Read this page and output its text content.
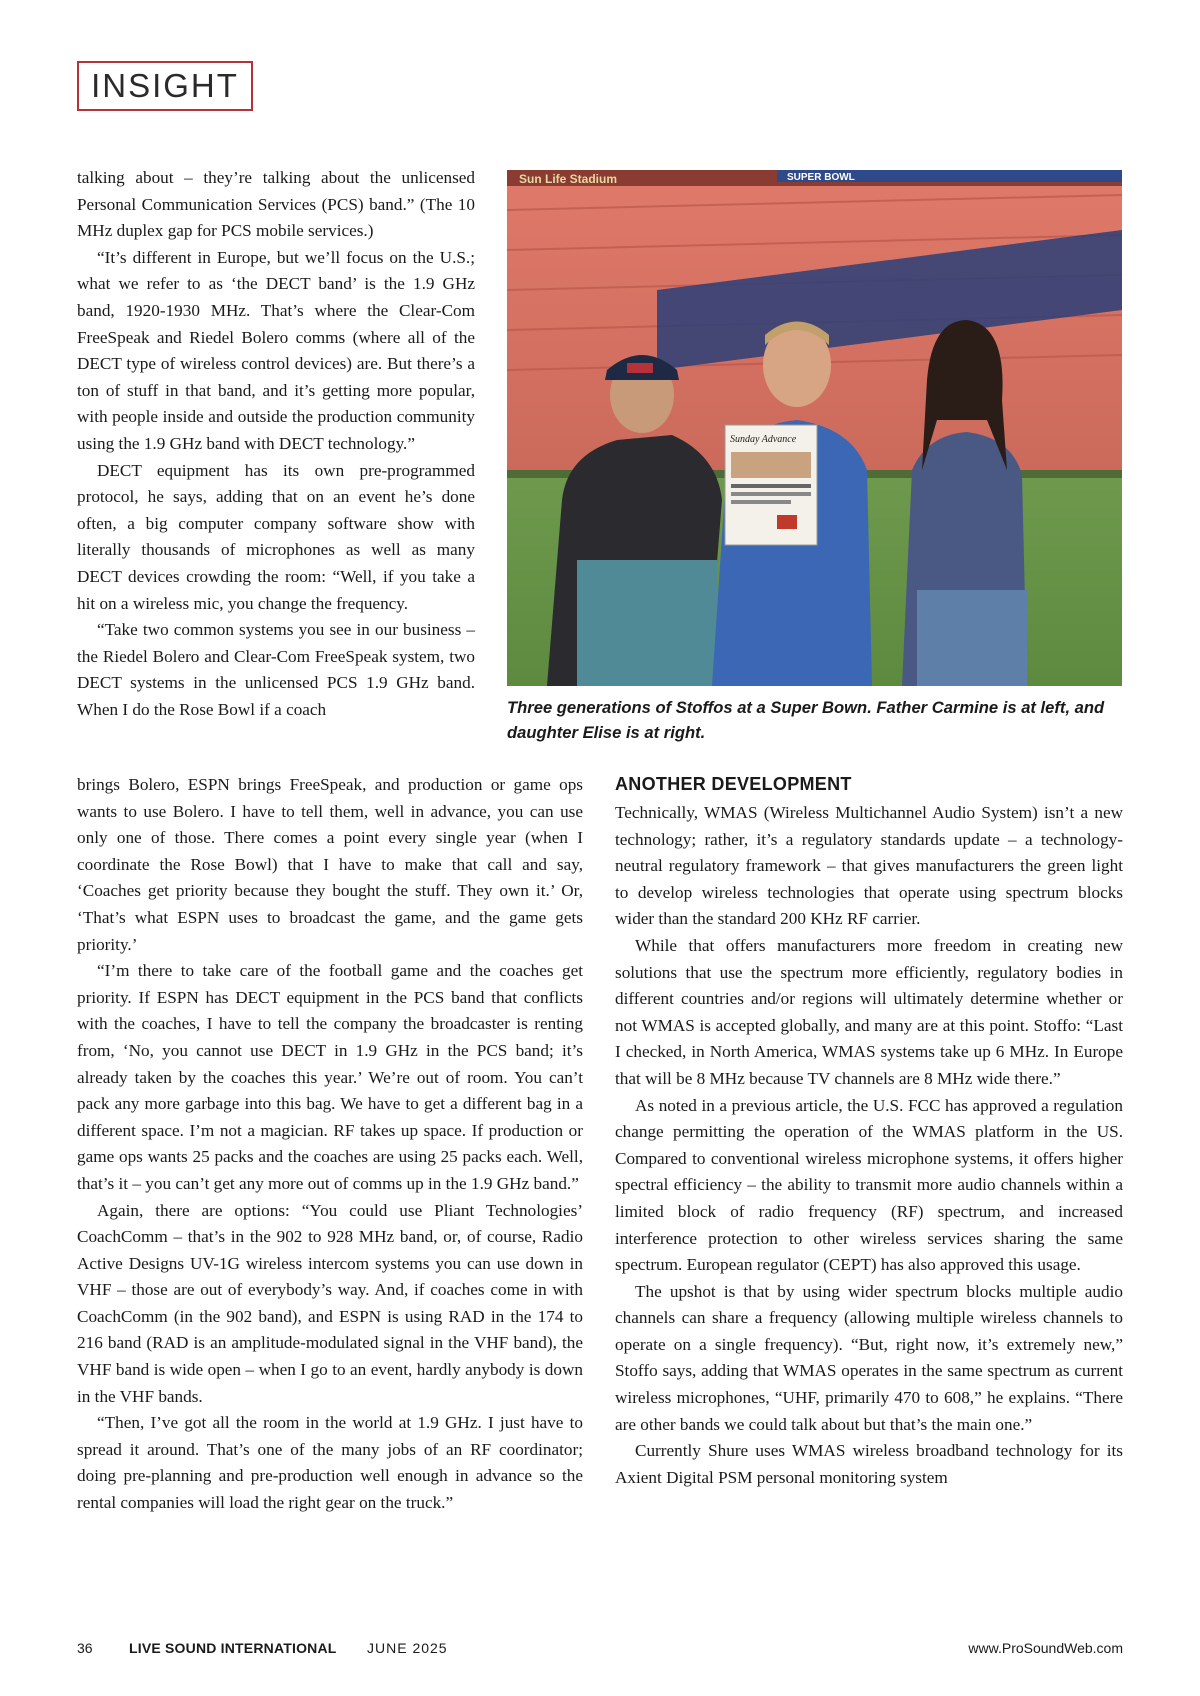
INSIGHT

talking about – they’re talking about the unlicensed Personal Communication Services (PCS) band.” (The 10 MHz duplex gap for PCS mobile services.)

“It’s different in Europe, but we’ll focus on the U.S.; what we refer to as ‘the DECT band’ is the 1.9 GHz band, 1920-1930 MHz. That’s where the Clear-Com FreeSpeak and Riedel Bolero comms (where all of the DECT type of wireless control devices) are. But there’s a ton of stuff in that band, and it’s getting more popular, with people inside and outside the production community using the 1.9 GHz band with DECT technology.”

DECT equipment has its own pre-programmed protocol, he says, adding that on an event he’s done often, a big computer company software show with literally thousands of microphones as well as many DECT devices crowding the room: “Well, if you take a hit on a wireless mic, you change the frequency.

“Take two common systems you see in our business – the Riedel Bolero and Clear-Com FreeSpeak system, two DECT systems in the unlicensed PCS 1.9 GHz band. When I do the Rose Bowl if a coach

brings Bolero, ESPN brings FreeSpeak, and production or game ops wants to use Bolero. I have to tell them, well in advance, you can use only one of those. There comes a point every single year (when I coordinate the Rose Bowl) that I have to make that call and say, ‘Coaches get priority because they bought the stuff. They own it.’ Or, ‘That’s what ESPN uses to broadcast the game, and the game gets priority.’

“I’m there to take care of the football game and the coaches get priority. If ESPN has DECT equipment in the PCS band that conflicts with the coaches, I have to tell the company the broadcaster is renting from, ‘No, you cannot use DECT in 1.9 GHz in the PCS band; it’s already taken by the coaches this year.’ We’re out of room. You can’t pack any more garbage into this bag. We have to get a different bag in a different space. I’m not a magician. RF takes up space. If production or game ops wants 25 packs and the coaches are using 25 packs each. Well, that’s it – you can’t get any more out of comms up in the 1.9 GHz band.”

Again, there are options: “You could use Pliant Technologies’ CoachComm – that’s in the 902 to 928 MHz band, or, of course, Radio Active Designs UV-1G wireless intercom systems you can use down in VHF – those are out of everybody’s way. And, if coaches come in with CoachComm (in the 902 band), and ESPN is using RAD in the 174 to 216 band (RAD is an amplitude-modulated signal in the VHF band), the VHF band is wide open – when I go to an event, hardly anybody is down in the VHF bands.

“Then, I’ve got all the room in the world at 1.9 GHz. I just have to spread it around. That’s one of the many jobs of an RF coordinator; doing pre-planning and pre-production well enough in advance so the rental companies will load the right gear on the truck.”

Sun Life Stadium	SUPER BOWL
Sunday Advance

Three generations of Stoffos at a Super Bown. Father Carmine is at left, and daughter Elise is at right.

ANOTHER DEVELOPMENT

Technically, WMAS (Wireless Multichannel Audio System) isn’t a new technology; rather, it’s a regulatory standards update – a technology-neutral regulatory framework – that gives manufacturers the green light to develop wireless technologies that operate using spectrum blocks wider than the standard 200 KHz RF carrier.

While that offers manufacturers more freedom in creating new solutions that use the spectrum more efficiently, regulatory bodies in different countries and/or regions will ultimately determine whether or not WMAS is accepted globally, and many are at this point. Stoffo: “Last I checked, in North America, WMAS systems take up 6 MHz. In Europe that will be 8 MHz because TV channels are 8 MHz wide there.”

As noted in a previous article, the U.S. FCC has approved a regulation change permitting the operation of the WMAS platform in the US. Compared to conventional wireless microphone systems, it offers higher spectral efficiency – the ability to transmit more audio channels within a limited block of radio frequency (RF) spectrum, and increased interference protection to other wireless services sharing the same spectrum. European regulator (CEPT) has also approved this usage.

The upshot is that by using wider spectrum blocks multiple audio channels can share a frequency (allowing multiple wireless channels to operate on a single frequency). “But, right now, it’s extremely new,” Stoffo says, adding that WMAS operates in the same spectrum as current wireless microphones, “UHF, primarily 470 to 608,” he explains. “There are other bands we could talk about but that’s the main one.”

Currently Shure uses WMAS wireless broadband technology for its Axient Digital PSM personal monitoring system

36	LIVE SOUND INTERNATIONAL JUNE 2025	www.ProSoundWeb.com
